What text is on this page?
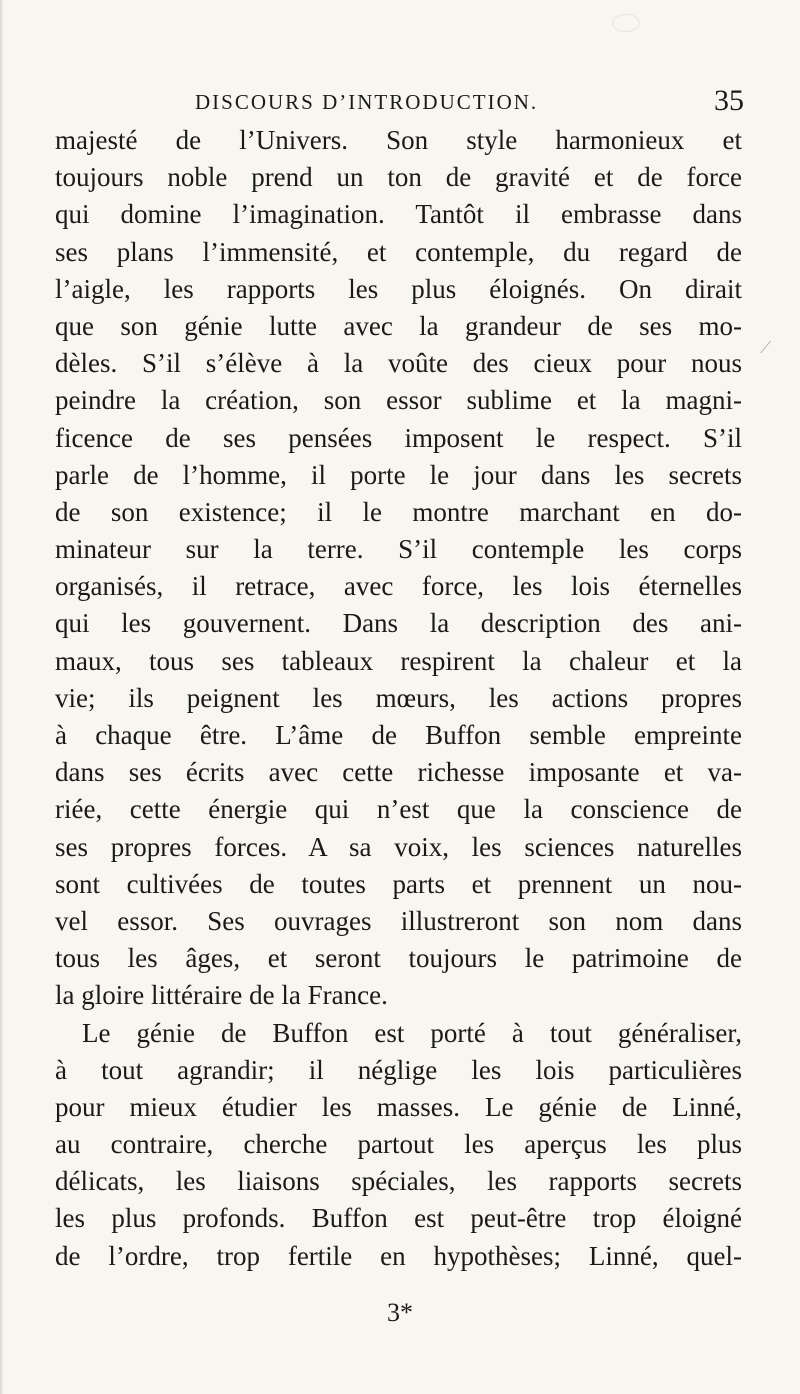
DISCOURS D’INTRODUCTION.	35
⟋
majesté de l’Univers. Son style harmonieux et
toujours noble prend un ton de gravité et de force
qui domine l’imagination. Tantôt il embrasse dans
ses plans l’immensité, et contemple, du regard de
l’aigle, les rapports les plus éloignés. On dirait
que son génie lutte avec la grandeur de ses mo-
dèles. S’il s’élève à la voûte des cieux pour nous
peindre la création, son essor sublime et la magni-
ficence de ses pensées imposent le respect. S’il
parle de l’homme, il porte le jour dans les secrets
de son existence; il le montre marchant en do-
minateur sur la terre. S’il contemple les corps
organisés, il retrace, avec force, les lois éternelles
qui les gouvernent. Dans la description des ani-
maux, tous ses tableaux respirent la chaleur et la
vie; ils peignent les mœurs, les actions propres
à chaque être. L’âme de Buffon semble empreinte
dans ses écrits avec cette richesse imposante et va-
riée, cette énergie qui n’est que la conscience de
ses propres forces. A sa voix, les sciences naturelles
sont cultivées de toutes parts et prennent un nou-
vel essor. Ses ouvrages illustreront son nom dans
tous les âges, et seront toujours le patrimoine de
la gloire littéraire de la France.
Le génie de Buffon est porté à tout généraliser,
à tout agrandir; il néglige les lois particulières
pour mieux étudier les masses. Le génie de Linné,
au contraire, cherche partout les aperçus les plus
délicats, les liaisons spéciales, les rapports secrets
les plus profonds. Buffon est peut-être trop éloigné
de l’ordre, trop fertile en hypothèses; Linné, quel-
3*
